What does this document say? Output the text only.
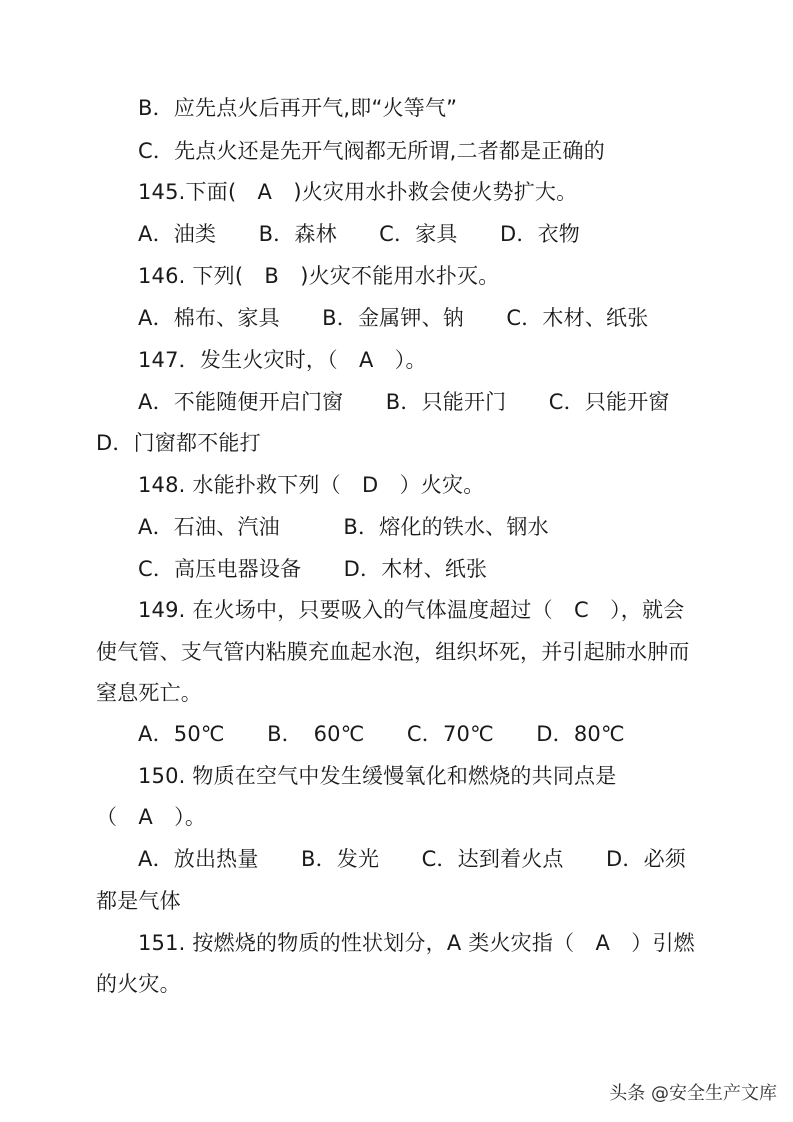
B．应先点火后再开气,即“火等气”
C．先点火还是先开气阀都无所谓,二者都是正确的
145.下面(　A　)火灾用水扑救会使火势扩大。
A．油类　　B．森林　　C．家具　　D．衣物
146. 下列(　B　)火灾不能用水扑灭。
A．棉布、家具　　B．金属钾、钠　　C．木材、纸张
147．发生火灾时，（　A　）。
A．不能随便开启门窗　　B．只能开门　　C．只能开窗
D．门窗都不能打
148. 水能扑救下列（　D　）火灾。
A．石油、汽油　　　B．熔化的铁水、钢水
C．高压电器设备　　D．木材、纸张
149. 在火场中，只要吸入的气体温度超过（　C　），就会
使气管、支气管内粘膜充血起水泡，组织坏死，并引起肺水肿而
窒息死亡。
A．50℃　　B．　60℃　　C．70℃　　D．80℃
150. 物质在空气中发生缓慢氧化和燃烧的共同点是
（　A　）。
A．放出热量　　B．发光　　C．达到着火点　　D．必须
都是气体
151. 按燃烧的物质的性状划分，A 类火灾指（　A　）引燃
的火灾。
头条 @安全生产文库
